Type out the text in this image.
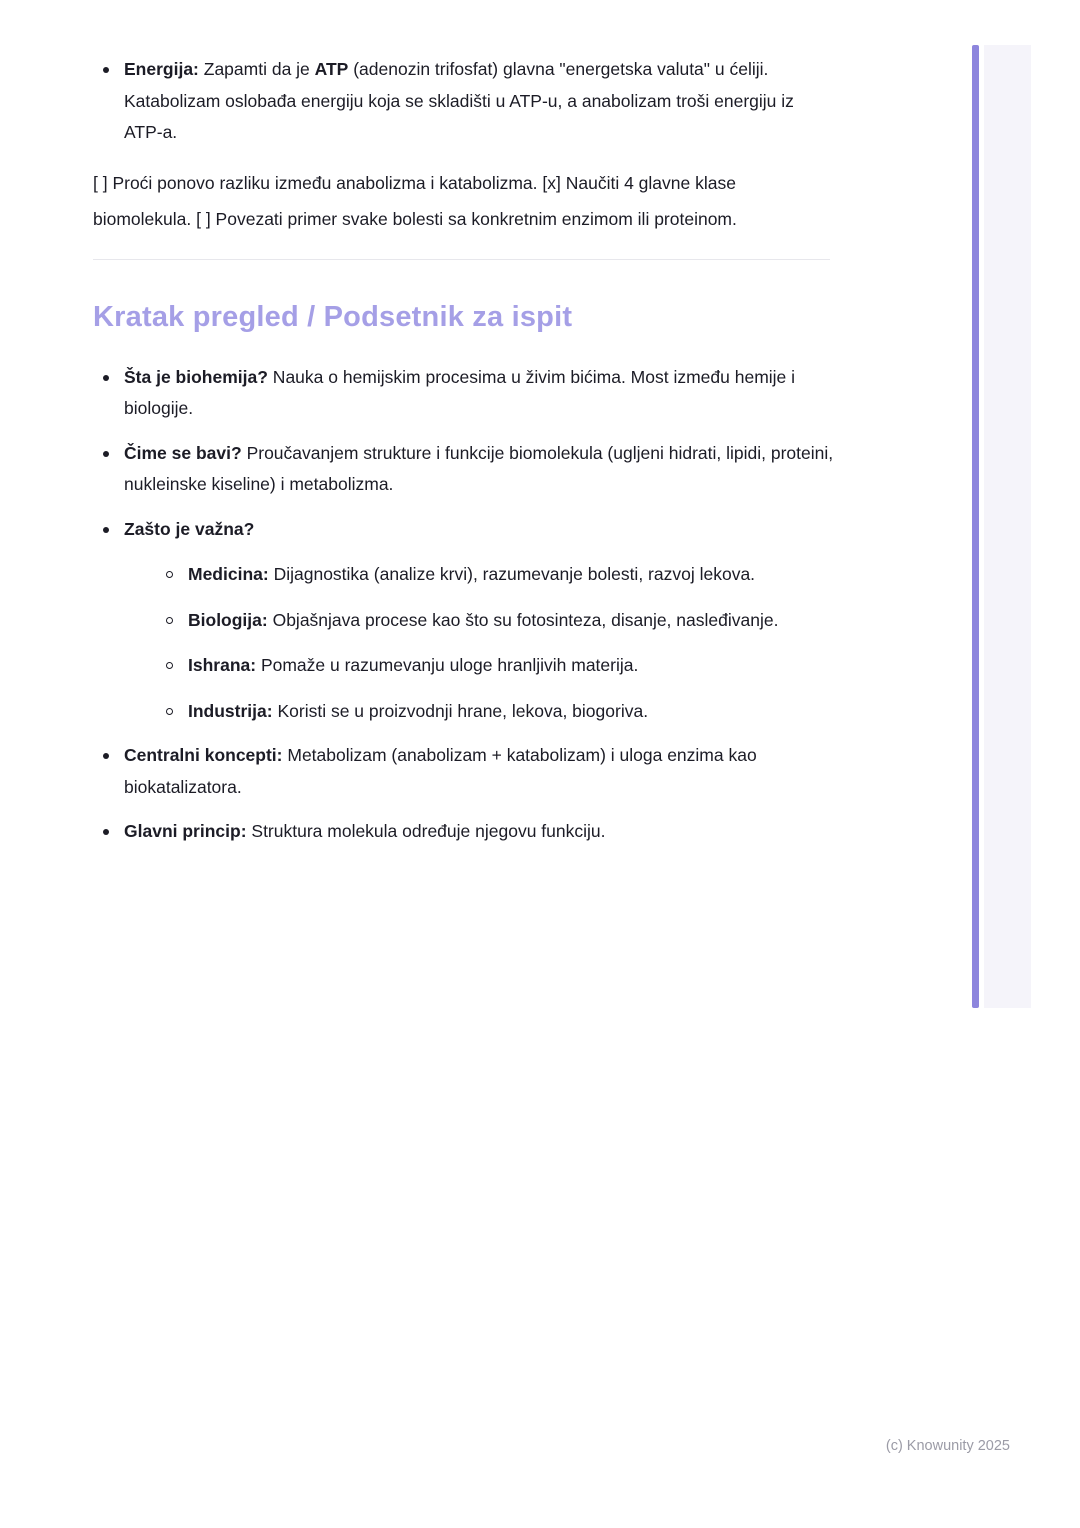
Energija: Zapamti da je ATP (adenozin trifosfat) glavna "energetska valuta" u ćeliji. Katabolizam oslobađa energiju koja se skladišti u ATP-u, a anabolizam troši energiju iz ATP-a.

[ ] Proći ponovo razliku između anabolizma i katabolizma. [x] Naučiti 4 glavne klase biomolekula. [ ] Povezati primer svake bolesti sa konkretnim enzimom ili proteinom.

Kratak pregled / Podsetnik za ispit
Šta je biohemija? Nauka o hemijskim procesima u živim bićima. Most između hemije i biologije.
Čime se bavi? Proučavanjem strukture i funkcije biomolekula (ugljeni hidrati, lipidi, proteini, nukleinske kiseline) i metabolizma.
Zašto je važna?
Medicina: Dijagnostika (analize krvi), razumevanje bolesti, razvoj lekova.
Biologija: Objašnjava procese kao što su fotosinteza, disanje, nasleđivanje.
Ishrana: Pomaže u razumevanju uloge hranljivih materija.
Industrija: Koristi se u proizvodnji hrane, lekova, biogoriva.
Centralni koncepti: Metabolizam (anabolizam + katabolizam) i uloga enzima kao biokatalizatora.
Glavni princip: Struktura molekula određuje njegovu funkciju.
(c) Knowunity 2025
